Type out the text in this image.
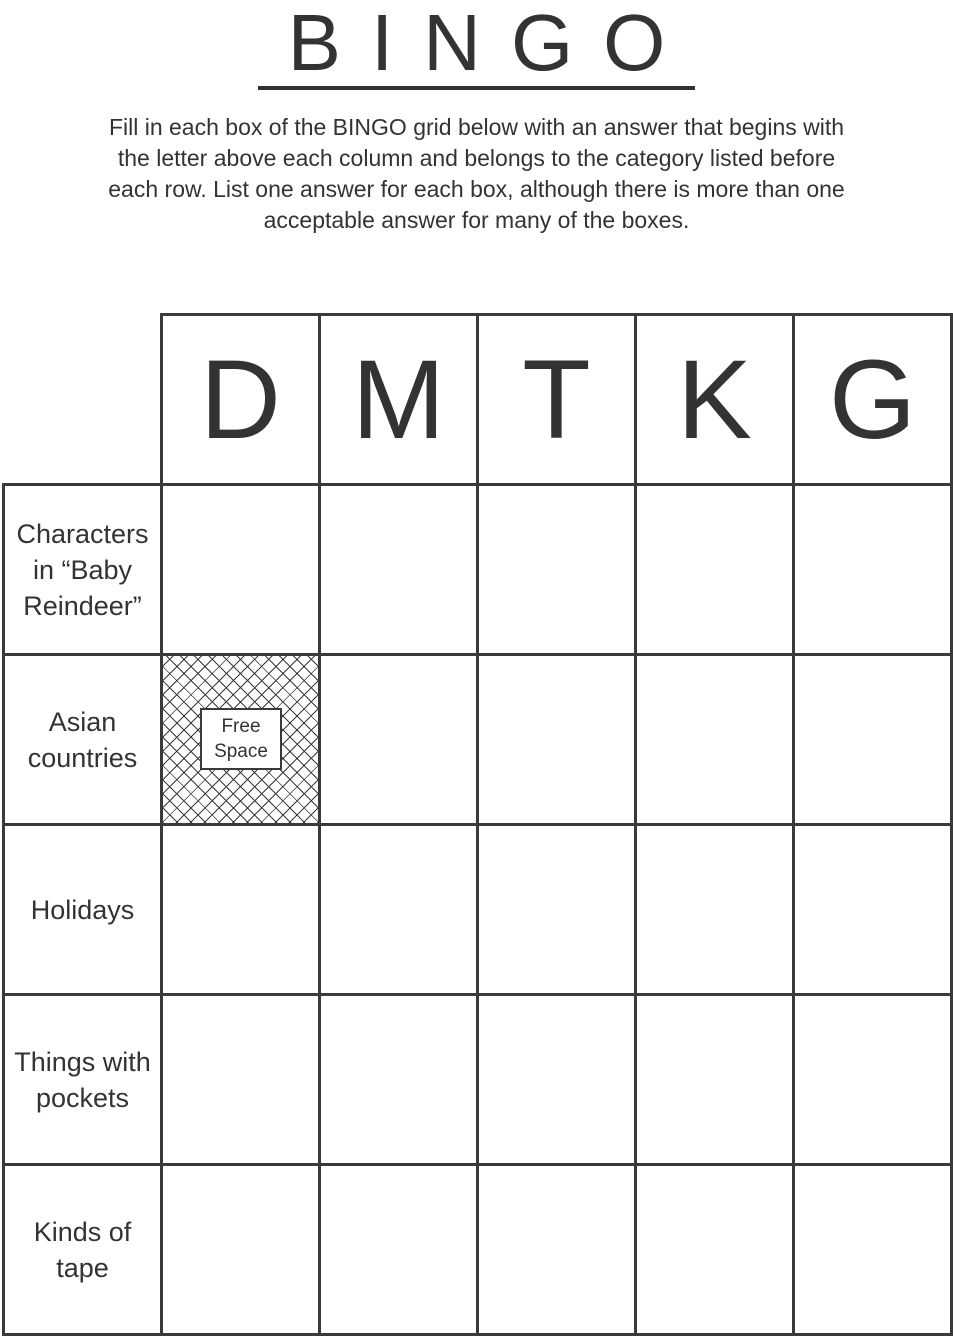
BINGO
Fill in each box of the BINGO grid below with an answer that begins with the letter above each column and belongs to the category listed before each row. List one answer for each box, although there is more than one acceptable answer for many of the boxes.
D M T K G
Characters in “Baby Reindeer”
Asian countries
Free Space
Holidays
Things with pockets
Kinds of tape
